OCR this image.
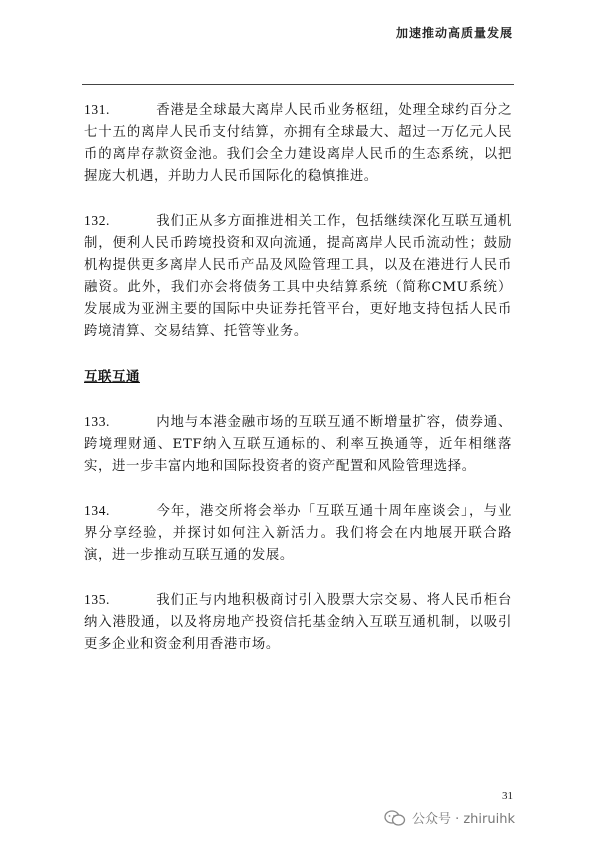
加速推动高质量发展

131.	香港是全球最大离岸人民币业务枢纽，处理全球约百分之七十五的离岸人民币支付结算，亦拥有全球最大、超过一万亿元人民币的离岸存款资金池。我们会全力建设离岸人民币的生态系统，以把握庞大机遇，并助力人民币国际化的稳慎推进。

132.	我们正从多方面推进相关工作，包括继续深化互联互通机制，便利人民币跨境投资和双向流通，提高离岸人民币流动性；鼓励机构提供更多离岸人民币产品及风险管理工具，以及在港进行人民币融资。此外，我们亦会将债务工具中央结算系统（简称CMU系统）发展成为亚洲主要的国际中央证券托管平台，更好地支持包括人民币跨境清算、交易结算、托管等业务。

互联互通

133.	内地与本港金融市场的互联互通不断增量扩容，债券通、跨境理财通、ETF纳入互联互通标的、利率互换通等，近年相继落实，进一步丰富内地和国际投资者的资产配置和风险管理选择。

134.	今年，港交所将会举办「互联互通十周年座谈会」，与业界分享经验，并探讨如何注入新活力。我们将会在内地展开联合路演，进一步推动互联互通的发展。

135.	我们正与内地积极商讨引入股票大宗交易、将人民币柜台纳入港股通，以及将房地产投资信托基金纳入互联互通机制，以吸引更多企业和资金利用香港市场。

31
公众号 · zhiruihk
